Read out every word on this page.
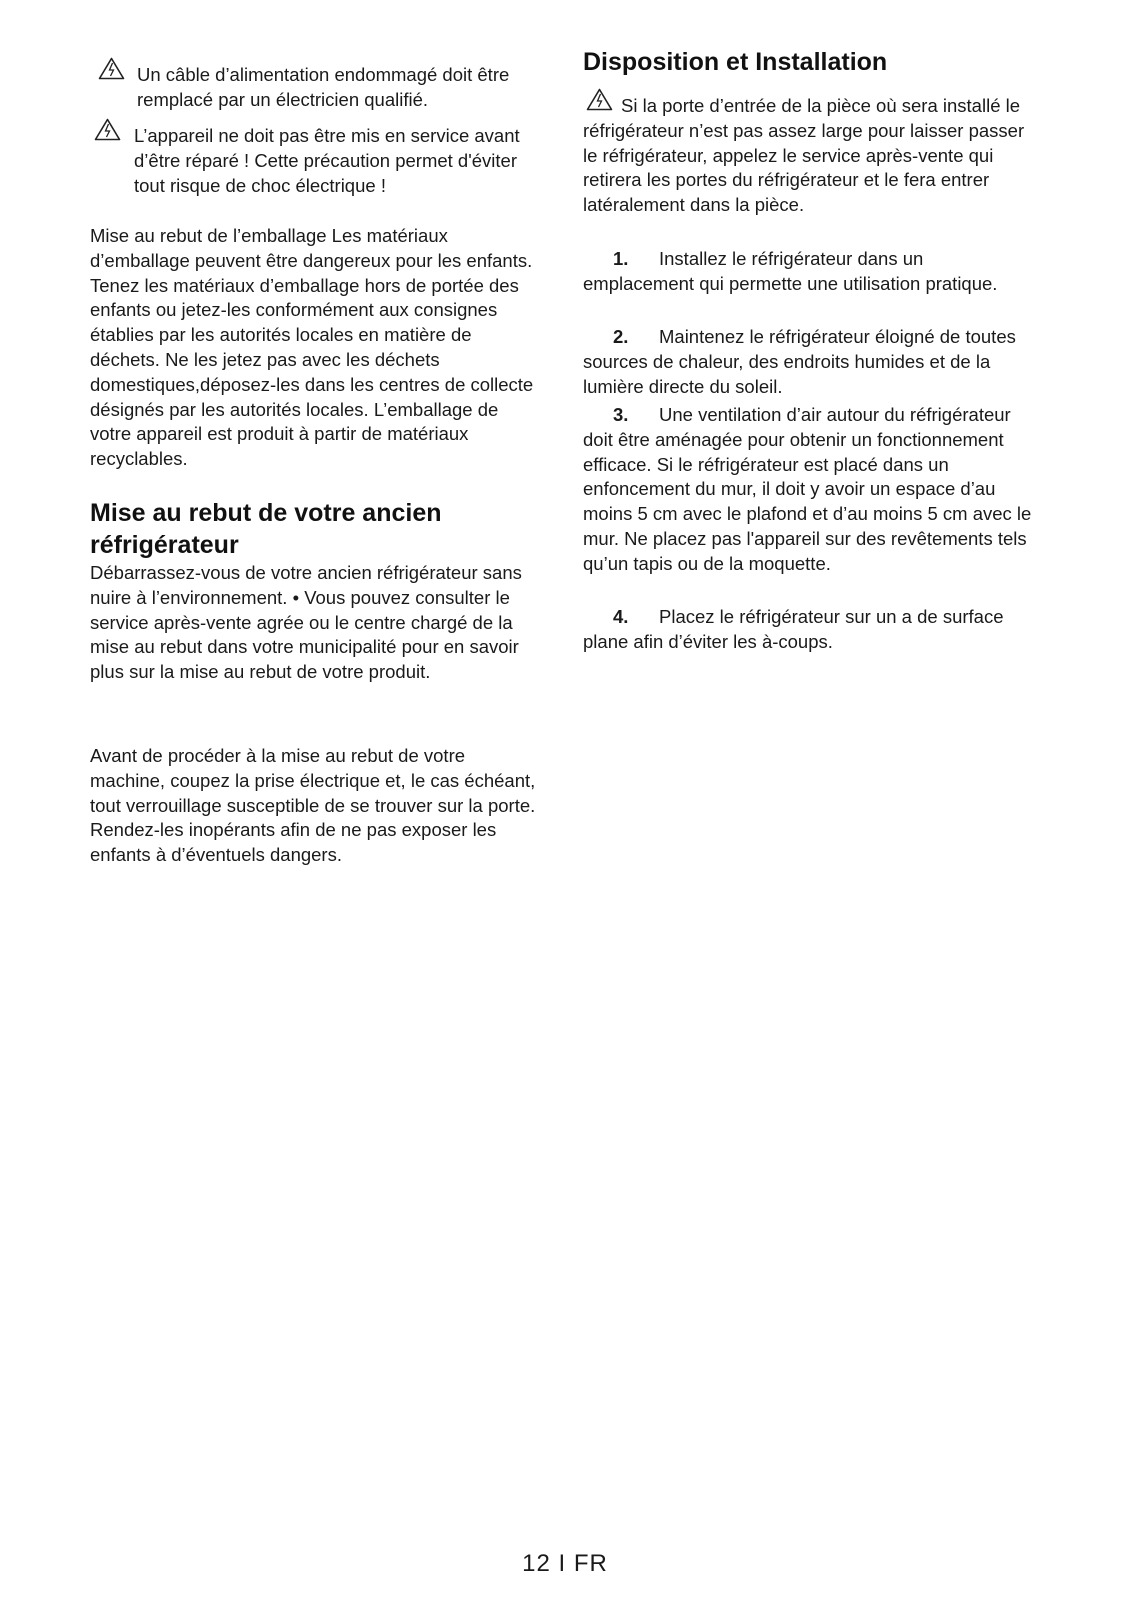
Un câble d’alimentation endommagé doit être remplacé par un électricien qualifié.
L’appareil ne doit pas être mis en service avant d’être réparé ! Cette précaution permet d'éviter tout risque de choc électrique !

Mise au rebut de l’emballage Les matériaux d’emballage peuvent être dangereux pour les enfants. Tenez les matériaux d’emballage hors de portée des enfants ou jetez-les conformément aux consignes établies par les autorités locales en matière de déchets. Ne les jetez pas avec les déchets domestiques,déposez-les dans les centres de collecte désignés par les autorités locales. L’emballage de votre appareil est produit à partir de matériaux recyclables.

Mise au rebut de votre ancien réfrigérateur

Débarrassez-vous de votre ancien réfrigérateur sans nuire à l’environnement. • Vous pouvez consulter le service après-vente agrée ou le centre chargé de la mise au rebut dans votre municipalité pour en savoir plus sur la mise au rebut de votre produit.

Avant de procéder à la mise au rebut de votre machine, coupez la prise électrique et, le cas échéant, tout verrouillage susceptible de se trouver sur la porte. Rendez-les inopérants afin de ne pas exposer les enfants à d’éventuels dangers.

Disposition et Installation

Si la porte d’entrée de la pièce où sera installé le réfrigérateur n’est pas assez large pour laisser passer le réfrigérateur, appelez le service après-vente qui retirera les portes du réfrigérateur et le fera entrer latéralement dans la pièce.

1. Installez le réfrigérateur dans un emplacement qui permette une utilisation pratique.

2. Maintenez le réfrigérateur éloigné de toutes sources de chaleur, des endroits humides et de la lumière directe du soleil.

3. Une ventilation d’air autour du réfrigérateur doit être aménagée pour obtenir un fonctionnement efficace. Si le réfrigérateur est placé dans un enfoncement du mur, il doit y avoir un espace d’au moins 5 cm avec le plafond et d’au moins 5 cm avec le mur. Ne placez pas l'appareil sur des revêtements tels qu’un tapis ou de la moquette.

4. Placez le réfrigérateur sur un a de surface plane afin d’éviter les à-coups.

12 I FR
